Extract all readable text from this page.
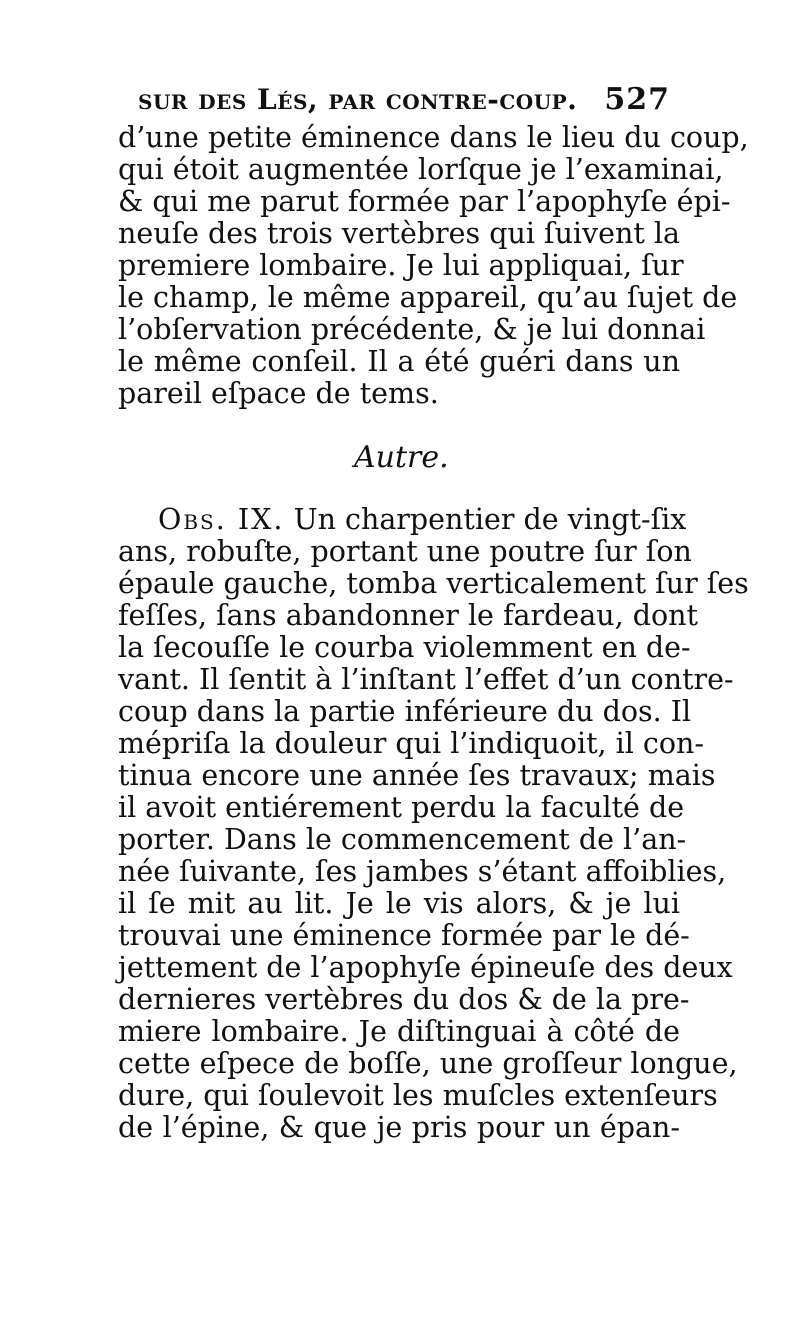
sur des Lés, par contre-coup. 527
d’une petite éminence dans le lieu du coup,
qui étoit augmentée lorſque je l’examinai,
& qui me parut formée par l’apophyſe épi-
neuſe des trois vertèbres qui ſuivent la
premiere lombaire. Je lui appliquai, ſur
le champ, le même appareil, qu’au ſujet de
l’obſervation précédente, & je lui donnai
le même conſeil. Il a été guéri dans un
pareil eſpace de tems.
Autre.
Obs. IX. Un charpentier de vingt-ſix
ans, robuſte, portant une poutre ſur ſon
épaule gauche, tomba verticalement ſur ſes
feſſes, ſans abandonner le fardeau, dont
la ſecouſſe le courba violemment en de-
vant. Il ſentit à l’inſtant l’effet d’un contre-
coup dans la partie inférieure du dos. Il
mépriſa la douleur qui l’indiquoit, il con-
tinua encore une année ſes travaux; mais
il avoit entiérement perdu la faculté de
porter. Dans le commencement de l’an-
née ſuivante, ſes jambes s’étant affoiblies,
il ſe mit au lit. Je le vis alors, & je lui
trouvai une éminence formée par le dé-
jettement de l’apophyſe épineuſe des deux
dernieres vertèbres du dos & de la pre-
miere lombaire. Je diſtinguai à côté de
cette eſpece de boſſe, une groſſeur longue,
dure, qui ſoulevoit les muſcles extenſeurs
de l’épine, & que je pris pour un épan-
